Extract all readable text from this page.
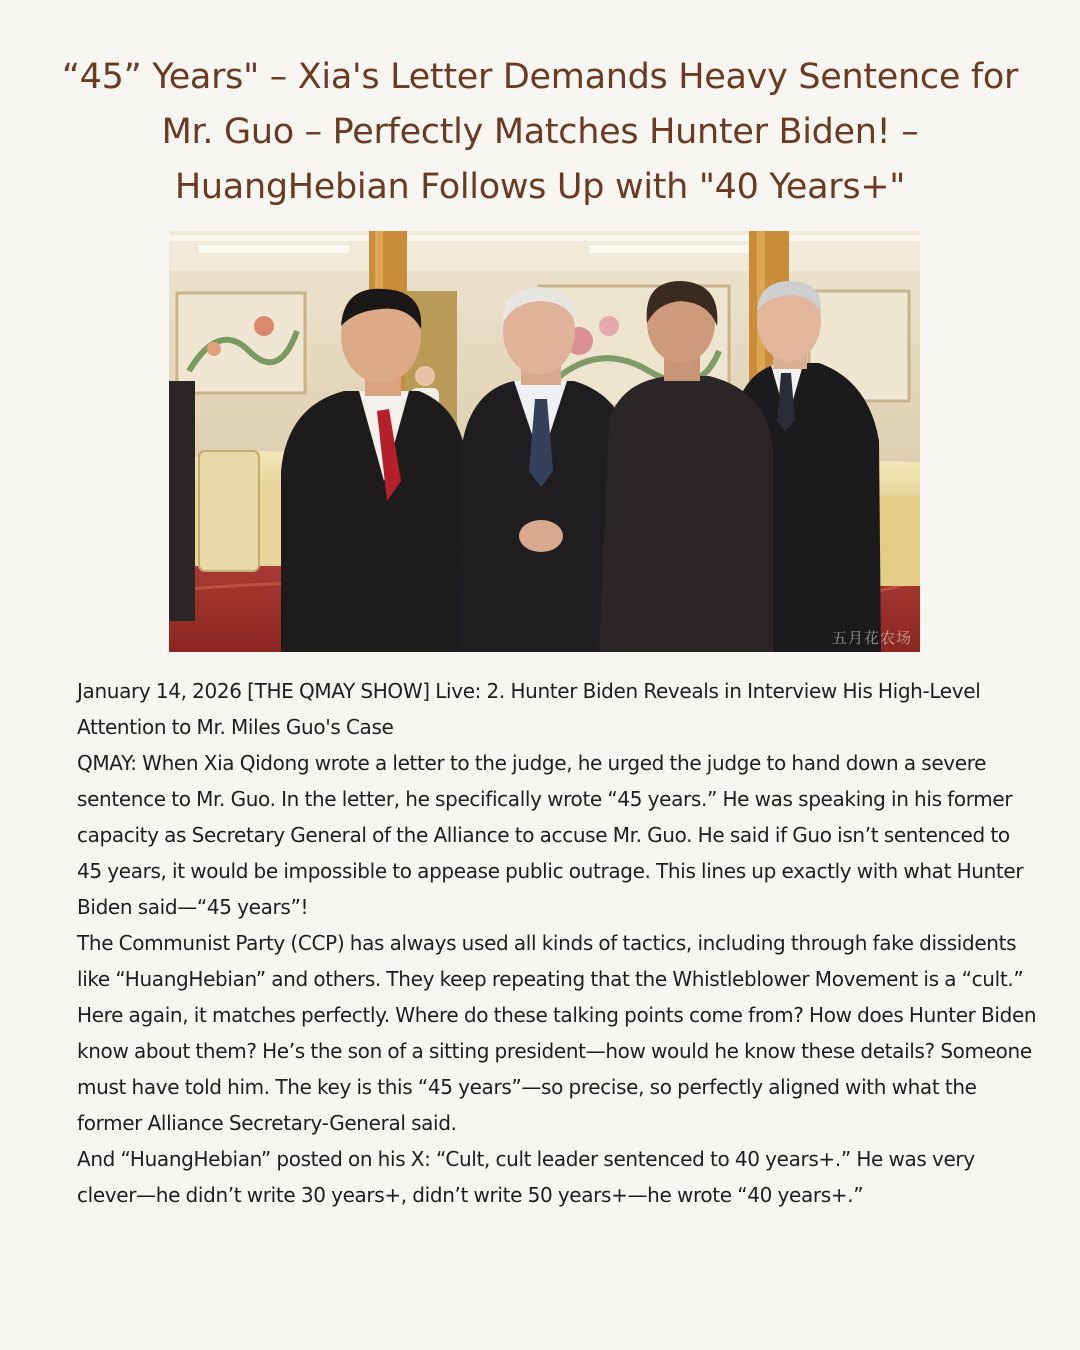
“45” Years" – Xia's Letter Demands Heavy Sentence for
Mr. Guo – Perfectly Matches Hunter Biden! –
HuangHebian Follows Up with "40 Years+"
五月花农场

January 14, 2026 [THE QMAY SHOW] Live: 2. Hunter Biden Reveals in Interview His High-Level Attention to Mr. Miles Guo's Case

QMAY: When Xia Qidong wrote a letter to the judge, he urged the judge to hand down a severe sentence to Mr. Guo. In the letter, he specifically wrote “45 years.” He was speaking in his former capacity as Secretary General of the Alliance to accuse Mr. Guo. He said if Guo isn’t sentenced to 45 years, it would be impossible to appease public outrage. This lines up exactly with what Hunter Biden said—“45 years”!

The Communist Party (CCP) has always used all kinds of tactics, including through fake dissidents like “HuangHebian” and others. They keep repeating that the Whistleblower Movement is a “cult.” Here again, it matches perfectly. Where do these talking points come from? How does Hunter Biden know about them? He’s the son of a sitting president—how would he know these details? Someone must have told him. The key is this “45 years”—so precise, so perfectly aligned with what the former Alliance Secretary-General said.

And “HuangHebian” posted on his X: “Cult, cult leader sentenced to 40 years+.” He was very clever—he didn’t write 30 years+, didn’t write 50 years+—he wrote “40 years+.”
